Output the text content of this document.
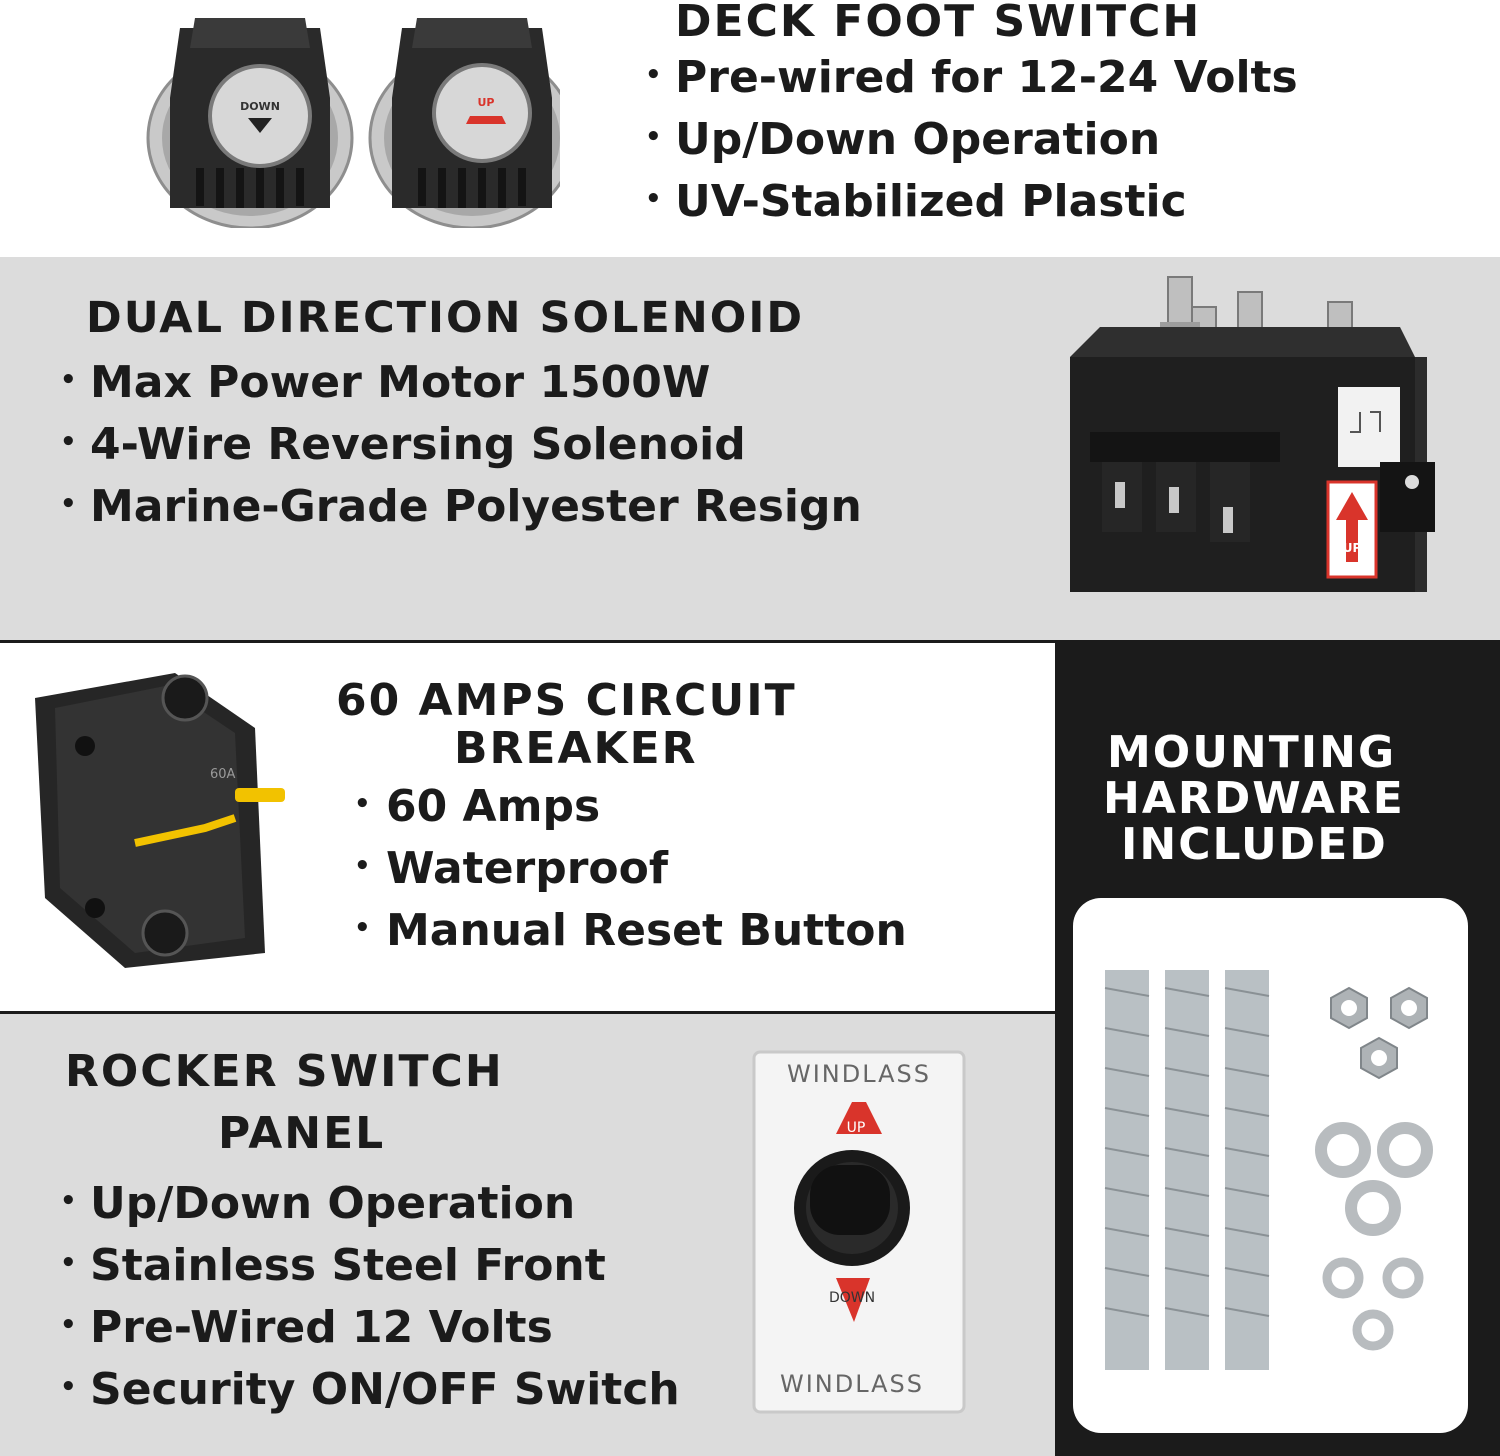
DOWN	UP
DECK FOOT SWITCH
• Pre-wired for 12-24 Volts
• Up/Down Operation
• UV-Stabilized Plastic
DUAL DIRECTION SOLENOID
• Max Power Motor 1500W
• 4-Wire Reversing Solenoid
• Marine-Grade Polyester Resign
UP
60A
60 AMPS CIRCUIT
BREAKER
• 60 Amps
• Waterproof
• Manual Reset Button
ROCKER SWITCH
PANEL
• Up/Down Operation
• Stainless Steel Front
• Pre-Wired 12 Volts
• Security ON/OFF Switch
WINDLASS
UP
DOWN
WINDLASS
MOUNTING
HARDWARE
INCLUDED
